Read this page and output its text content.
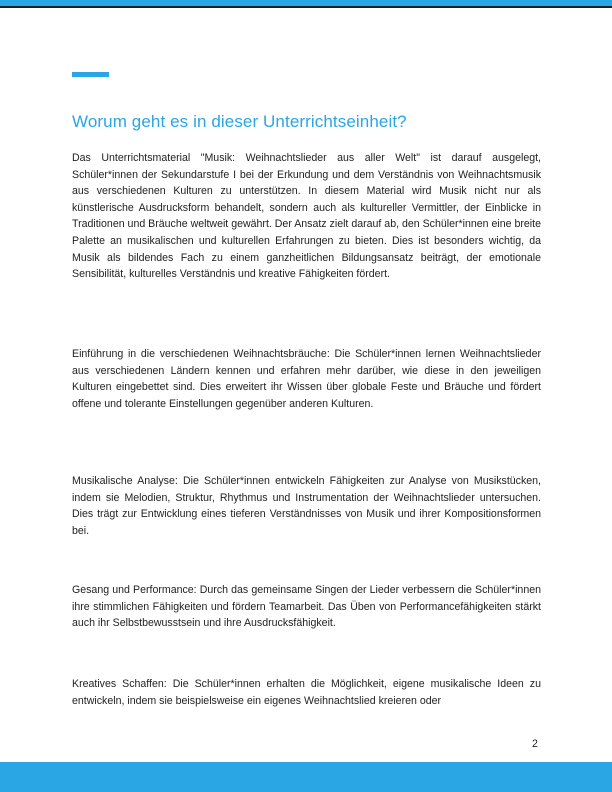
Worum geht es in dieser Unterrichtseinheit?

Das Unterrichtsmaterial "Musik: Weihnachtslieder aus aller Welt" ist darauf ausgelegt, Schüler*innen der Sekundarstufe I bei der Erkundung und dem Verständnis von Weihnachtsmusik aus verschiedenen Kulturen zu unterstützen. In diesem Material wird Musik nicht nur als künstlerische Ausdrucksform behandelt, sondern auch als kultureller Vermittler, der Einblicke in Traditionen und Bräuche weltweit gewährt. Der Ansatz zielt darauf ab, den Schüler*innen eine breite Palette an musikalischen und kulturellen Erfahrungen zu bieten. Dies ist besonders wichtig, da Musik als bildendes Fach zu einem ganzheitlichen Bildungsansatz beiträgt, der emotionale Sensibilität, kulturelles Verständnis und kreative Fähigkeiten fördert.

Einführung in die verschiedenen Weihnachtsbräuche: Die Schüler*innen lernen Weihnachtslieder aus verschiedenen Ländern kennen und erfahren mehr darüber, wie diese in den jeweiligen Kulturen eingebettet sind. Dies erweitert ihr Wissen über globale Feste und Bräuche und fördert offene und tolerante Einstellungen gegenüber anderen Kulturen.

Musikalische Analyse: Die Schüler*innen entwickeln Fähigkeiten zur Analyse von Musikstücken, indem sie Melodien, Struktur, Rhythmus und Instrumentation der Weihnachtslieder untersuchen. Dies trägt zur Entwicklung eines tieferen Verständnisses von Musik und ihrer Kompositionsformen bei.

Gesang und Performance: Durch das gemeinsame Singen der Lieder verbessern die Schüler*innen ihre stimmlichen Fähigkeiten und fördern Teamarbeit. Das Üben von Performancefähigkeiten stärkt auch ihr Selbstbewusstsein und ihre Ausdrucksfähigkeit.

Kreatives Schaffen: Die Schüler*innen erhalten die Möglichkeit, eigene musikalische Ideen zu entwickeln, indem sie beispielsweise ein eigenes Weihnachtslied kreieren oder

2
